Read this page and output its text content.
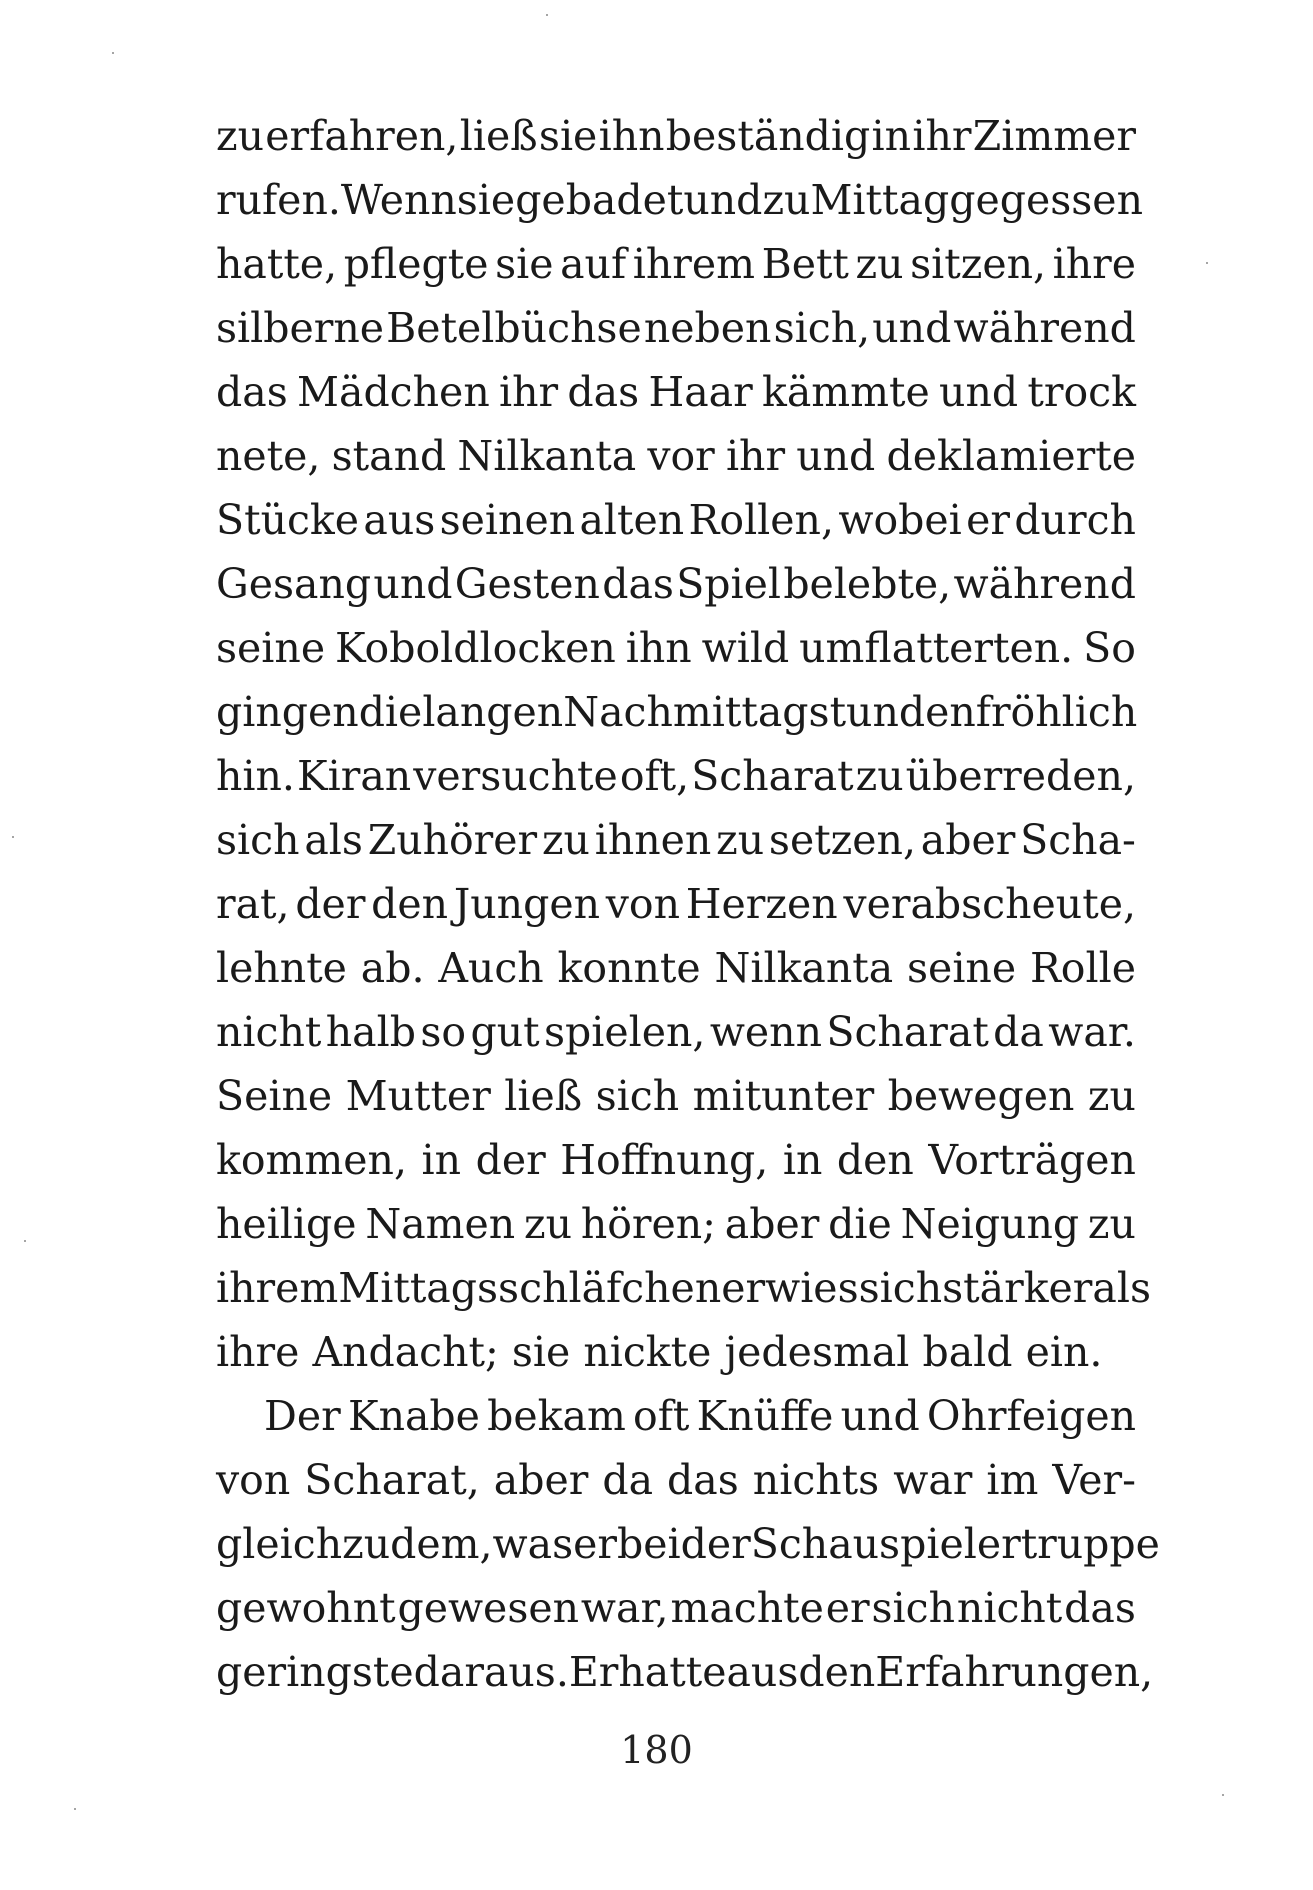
zu erfahren, ließ sie ihn beständig in ihr Zimmer
rufen. Wenn sie gebadet und zu Mittag gegessen
hatte, pflegte sie auf ihrem Bett zu sitzen, ihre
silberne Betelbüchse neben sich, und während
das Mädchen ihr das Haar kämmte und trock
nete, stand Nilkanta vor ihr und deklamierte
Stücke aus seinen alten Rollen, wobei er durch
Gesang und Gesten das Spiel belebte, während
seine Koboldlocken ihn wild umflatterten. So
gingen die langen Nachmittagstunden fröhlich
hin. Kiran versuchte oft, Scharat zu überreden,
sich als Zuhörer zu ihnen zu setzen, aber Scha-
rat, der den Jungen von Herzen verabscheute,
lehnte ab. Auch konnte Nilkanta seine Rolle
nicht halb so gut spielen, wenn Scharat da war.
Seine Mutter ließ sich mitunter bewegen zu
kommen, in der Hoffnung, in den Vorträgen
heilige Namen zu hören; aber die Neigung zu
ihrem Mittagsschläfchen erwies sich stärker als
ihre
Andacht;
sie
nickte
jedesmal
bald
ein.

Der Knabe bekam oft Knüffe und Ohrfeigen
von Scharat, aber da das nichts war im Ver-
gleich zu dem, was er bei der Schauspielertruppe
gewohnt gewesen war, machte er sich nicht das
geringste daraus. Er hatte aus den Erfahrungen,
180
